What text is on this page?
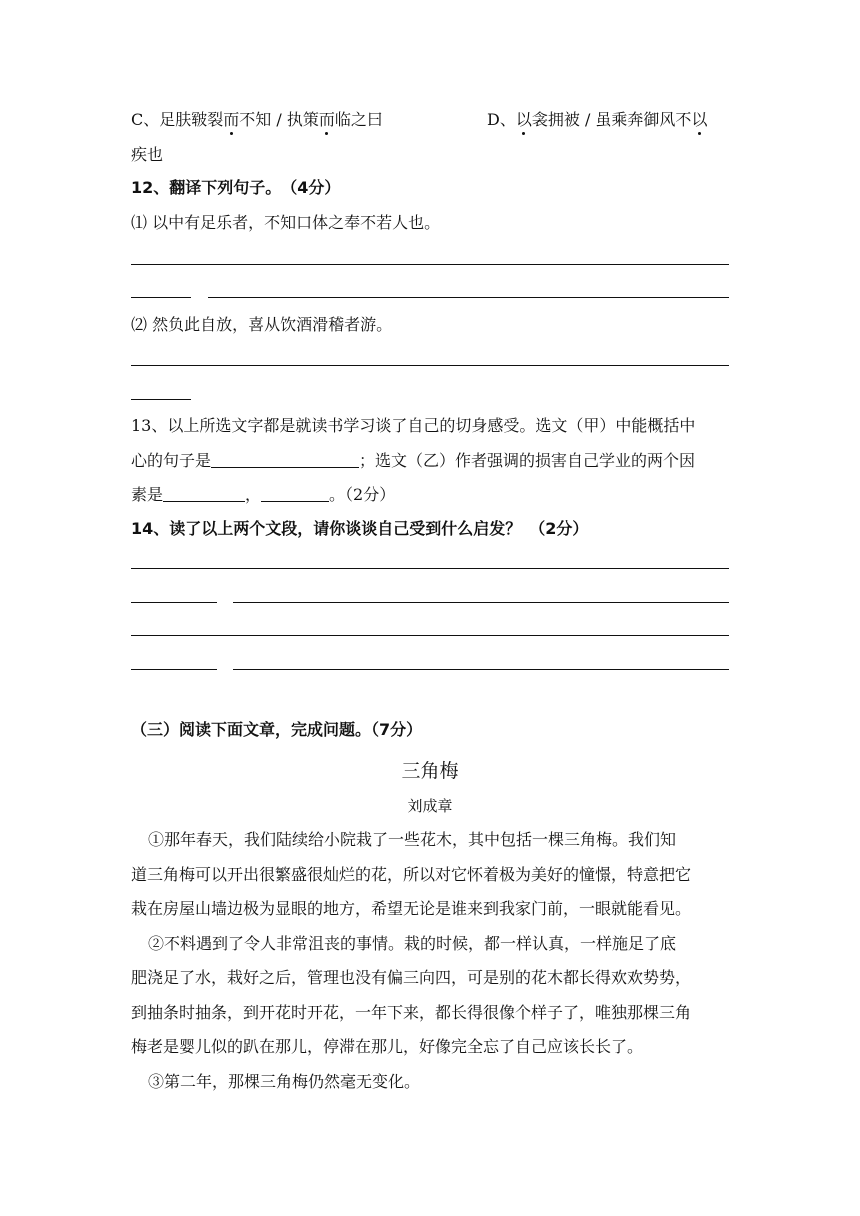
C、足肤皲裂而不知 / 执策而临之曰	D、以衾拥被 / 虽乘奔御风不以
疾也
12、翻译下列句子。　（4分）
⑴ 以中有足乐者，不知口体之奉不若人也。
⑵ 然负此自放，喜从饮酒滑稽者游。
13、以上所选文字都是就读书学习谈了自己的切身感受。选文（甲）中能概括中
心的句子是	；选文（乙）作者强调的损害自己学业的两个因
素是	，	。（2分）
14、读了以上两个文段，请你谈谈自己受到什么启发？　（2分）
（三）阅读下面文章，完成问题。（7分）
三角梅
刘成章
①那年春天，我们陆续给小院栽了一些花木，其中包括一棵三角梅。我们知
道三角梅可以开出很繁盛很灿烂的花，所以对它怀着极为美好的憧憬，特意把它
栽在房屋山墙边极为显眼的地方，希望无论是谁来到我家门前，一眼就能看见。
②不料遇到了令人非常沮丧的事情。栽的时候，都一样认真，一样施足了底
肥浇足了水，栽好之后，管理也没有偏三向四，可是别的花木都长得欢欢势势，
到抽条时抽条，到开花时开花，一年下来，都长得很像个样子了，唯独那棵三角
梅老是婴儿似的趴在那儿，停滞在那儿，好像完全忘了自己应该长长了。
③第二年，那棵三角梅仍然毫无变化。
